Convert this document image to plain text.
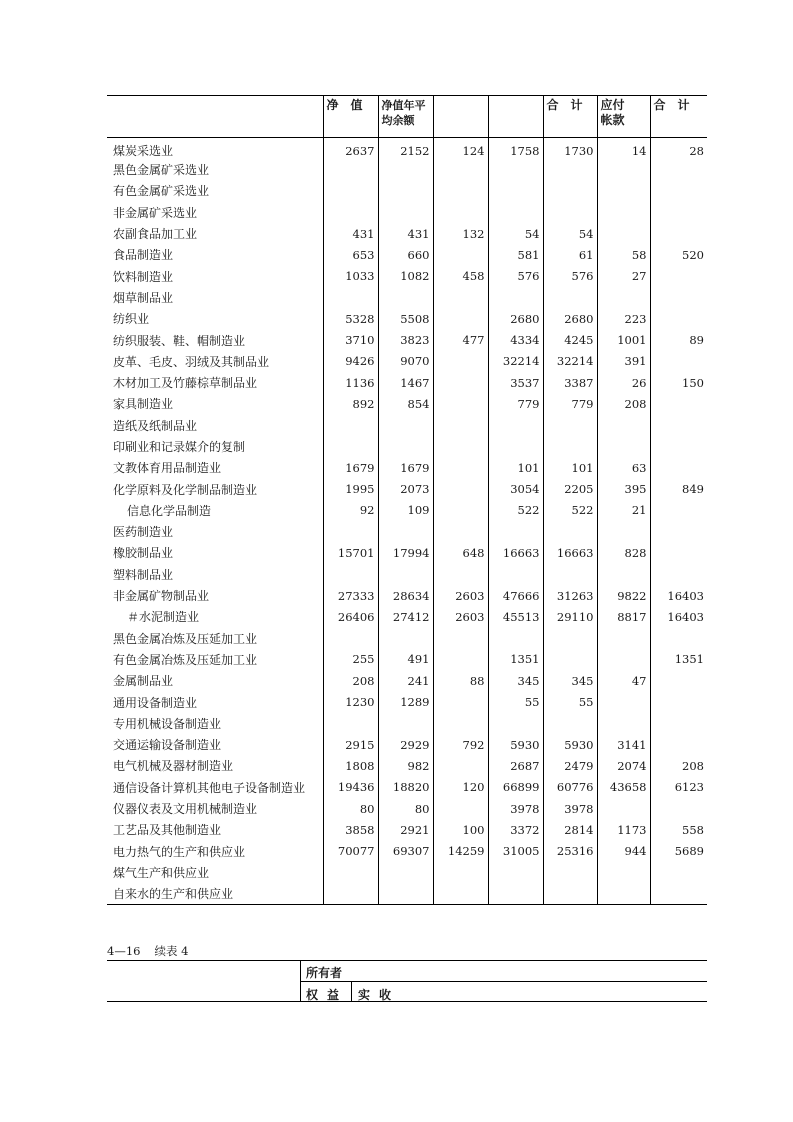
	净　值	净值年平均余额			合　计	应付帐款	合　计
煤炭采选业	2637	2152	124	1758	1730	14	28
黑色金属矿采选业							
有色金属矿采选业							
非金属矿采选业							
农副食品加工业	431	431	132	54	54		
食品制造业	653	660		581	61	58	520
饮料制造业	1033	1082	458	576	576	27	
烟草制品业							
纺织业	5328	5508		2680	2680	223	
纺织服装、鞋、帽制造业	3710	3823	477	4334	4245	1001	89
皮革、毛皮、羽绒及其制品业	9426	9070		32214	32214	391	
木材加工及竹藤棕草制品业	1136	1467		3537	3387	26	150
家具制造业	892	854		779	779	208	
造纸及纸制品业							
印刷业和记录媒介的复制							
文教体育用品制造业	1679	1679		101	101	63	
化学原料及化学制品制造业	1995	2073		3054	2205	395	849
信息化学品制造	92	109		522	522	21	
医药制造业							
橡胶制品业	15701	17994	648	16663	16663	828	
塑料制品业							
非金属矿物制品业	27333	28634	2603	47666	31263	9822	16403
＃水泥制造业	26406	27412	2603	45513	29110	8817	16403
黑色金属冶炼及压延加工业							
有色金属冶炼及压延加工业	255	491		1351			1351
金属制品业	208	241	88	345	345	47	
通用设备制造业	1230	1289		55	55		
专用机械设备制造业							
交通运输设备制造业	2915	2929	792	5930	5930	3141	
电气机械及器材制造业	1808	982		2687	2479	2074	208
通信设备计算机其他电子设备制造业	19436	18820	120	66899	60776	43658	6123
仪器仪表及文用机械制造业	80	80		3978	3978		
工艺品及其他制造业	3858	2921	100	3372	2814	1173	558
电力热气的生产和供应业	70077	69307	14259	31005	25316	944	5689
煤气生产和供应业							
自来水的生产和供应业							
4—16 续表 4
所有者
权益 实收
